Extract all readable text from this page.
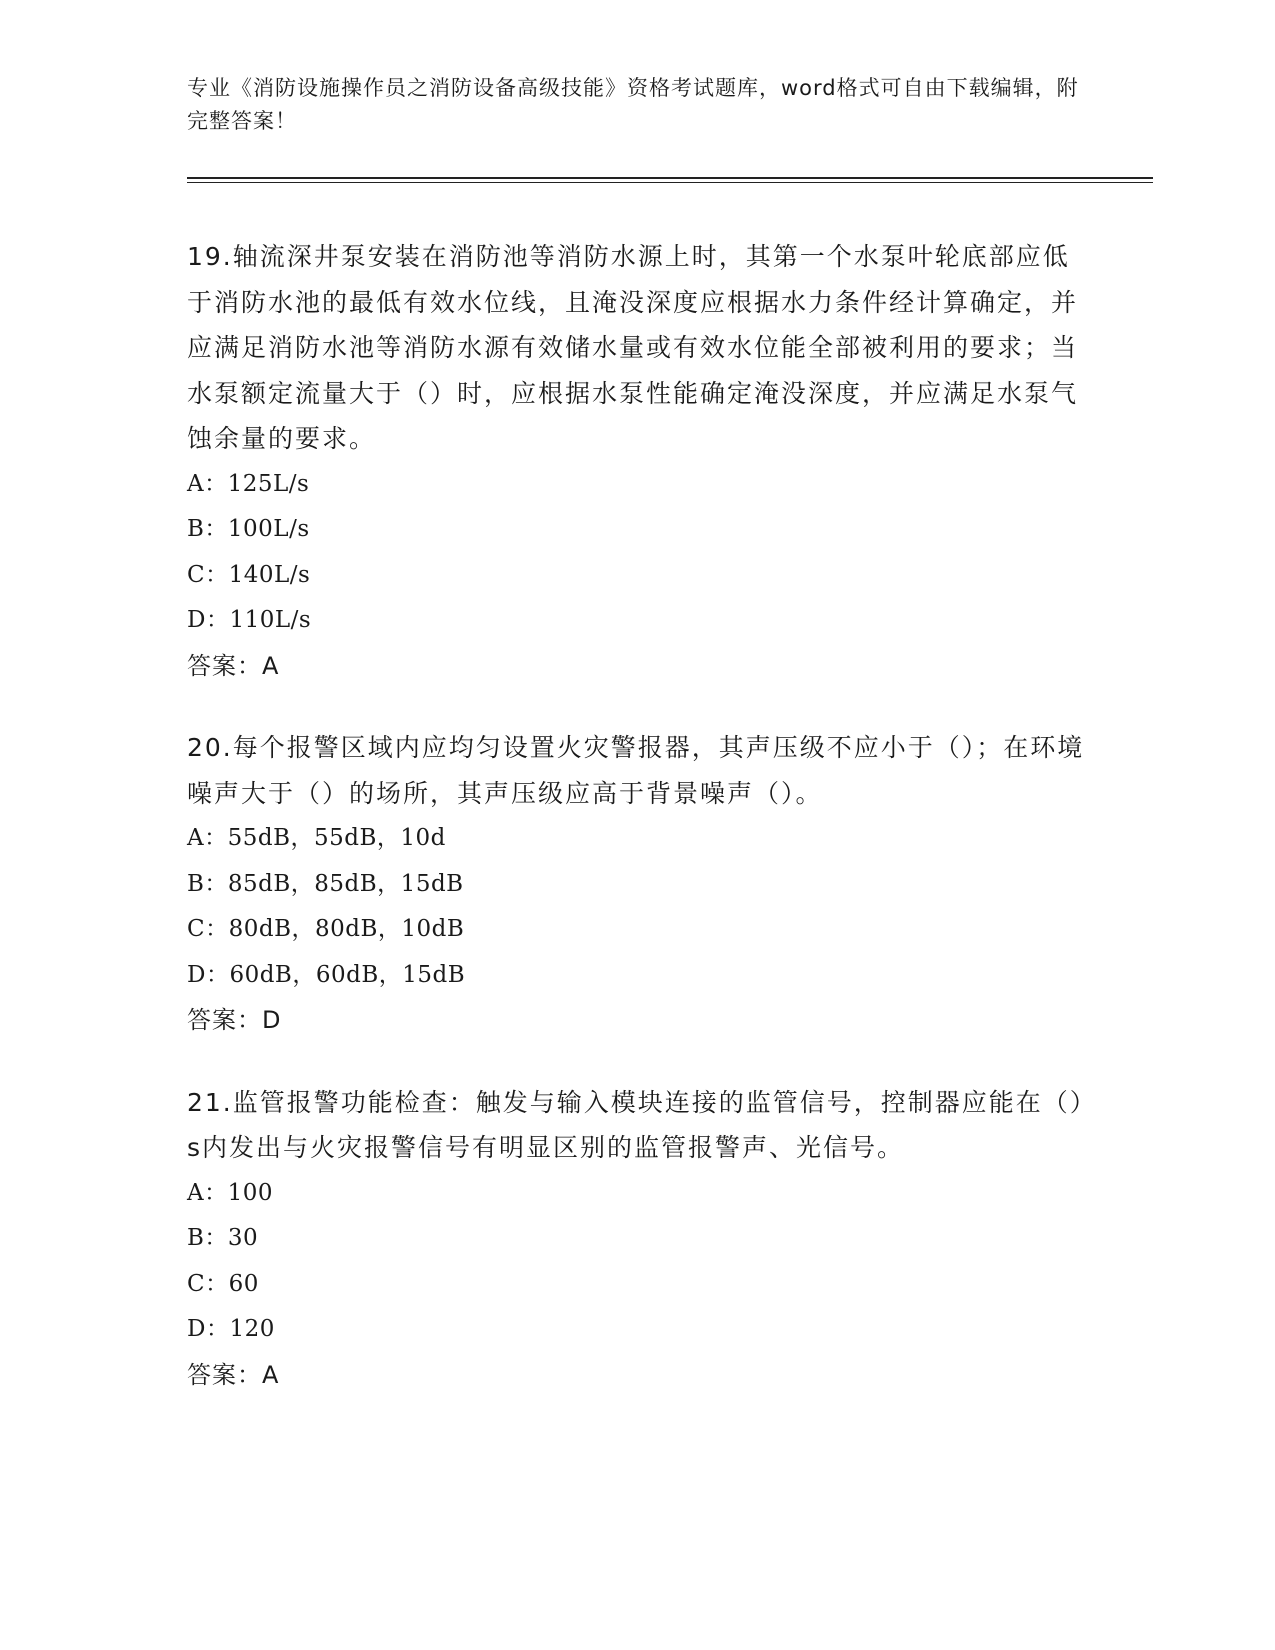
专业《消防设施操作员之消防设备高级技能》资格考试题库，word格式可自由下载编辑，附完整答案！

19.轴流深井泵安装在消防池等消防水源上时，其第一个水泵叶轮底部应低于消防水池的最低有效水位线，且淹没深度应根据水力条件经计算确定，并应满足消防水池等消防水源有效储水量或有效水位能全部被利用的要求；当水泵额定流量大于（）时，应根据水泵性能确定淹没深度，并应满足水泵气蚀余量的要求。

A：125L/s

B：100L/s

C：140L/s

D：110L/s

答案：A

20.每个报警区域内应均匀设置火灾警报器，其声压级不应小于（）；在环境噪声大于（）的场所，其声压级应高于背景噪声（）。

A：55dB，55dB，10d

B：85dB，85dB，15dB

C：80dB，80dB，10dB

D：60dB，60dB，15dB

答案：D

21.监管报警功能检查：触发与输入模块连接的监管信号，控制器应能在（）s内发出与火灾报警信号有明显区别的监管报警声、光信号。

A：100

B：30

C：60

D：120

答案：A
